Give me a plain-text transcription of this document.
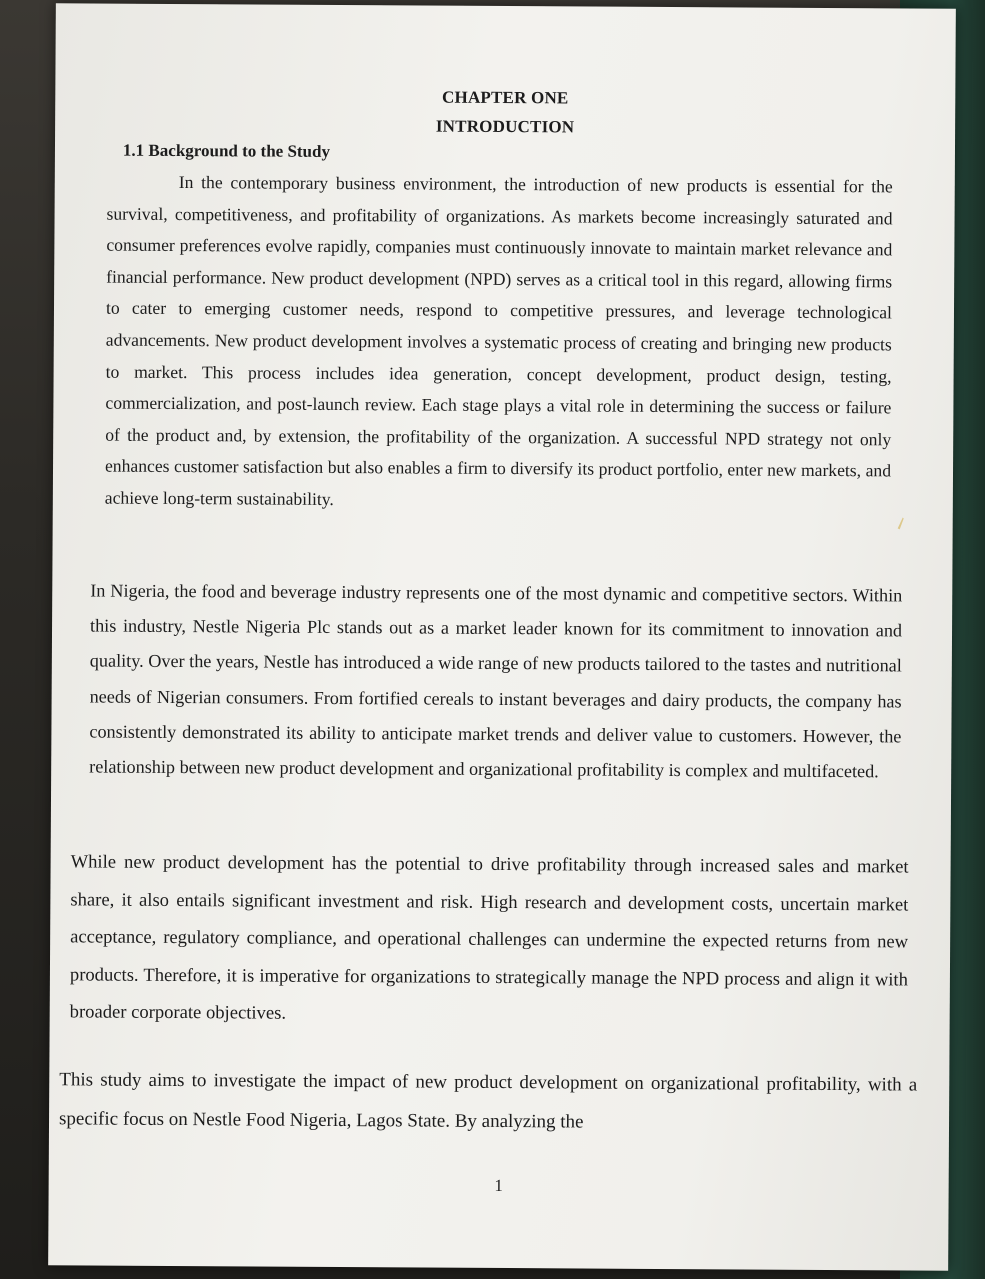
CHAPTER ONE
INTRODUCTION
1.1 Background to the Study

In the contemporary business environment, the introduction of new products is essential for the survival, competitiveness, and profitability of organizations. As markets become increasingly saturated and consumer preferences evolve rapidly, companies must continuously innovate to maintain market relevance and financial performance. New product development (NPD) serves as a critical tool in this regard, allowing firms to cater to emerging customer needs, respond to competitive pressures, and leverage technological advancements. New product development involves a systematic process of creating and bringing new products to market. This process includes idea generation, concept development, product design, testing, commercialization, and post-launch review. Each stage plays a vital role in determining the success or failure of the product and, by extension, the profitability of the organization. A successful NPD strategy not only enhances customer satisfaction but also enables a firm to diversify its product portfolio, enter new markets, and achieve long-term sustainability.

In Nigeria, the food and beverage industry represents one of the most dynamic and competitive sectors. Within this industry, Nestle Nigeria Plc stands out as a market leader known for its commitment to innovation and quality. Over the years, Nestle has introduced a wide range of new products tailored to the tastes and nutritional needs of Nigerian consumers. From fortified cereals to instant beverages and dairy products, the company has consistently demonstrated its ability to anticipate market trends and deliver value to customers. However, the relationship between new product development and organizational profitability is complex and multifaceted.

While new product development has the potential to drive profitability through increased sales and market share, it also entails significant investment and risk. High research and development costs, uncertain market acceptance, regulatory compliance, and operational challenges can undermine the expected returns from new products. Therefore, it is imperative for organizations to strategically manage the NPD process and align it with broader corporate objectives.

This study aims to investigate the impact of new product development on organizational profitability, with a specific focus on Nestle Food Nigeria, Lagos State. By analyzing the

1
